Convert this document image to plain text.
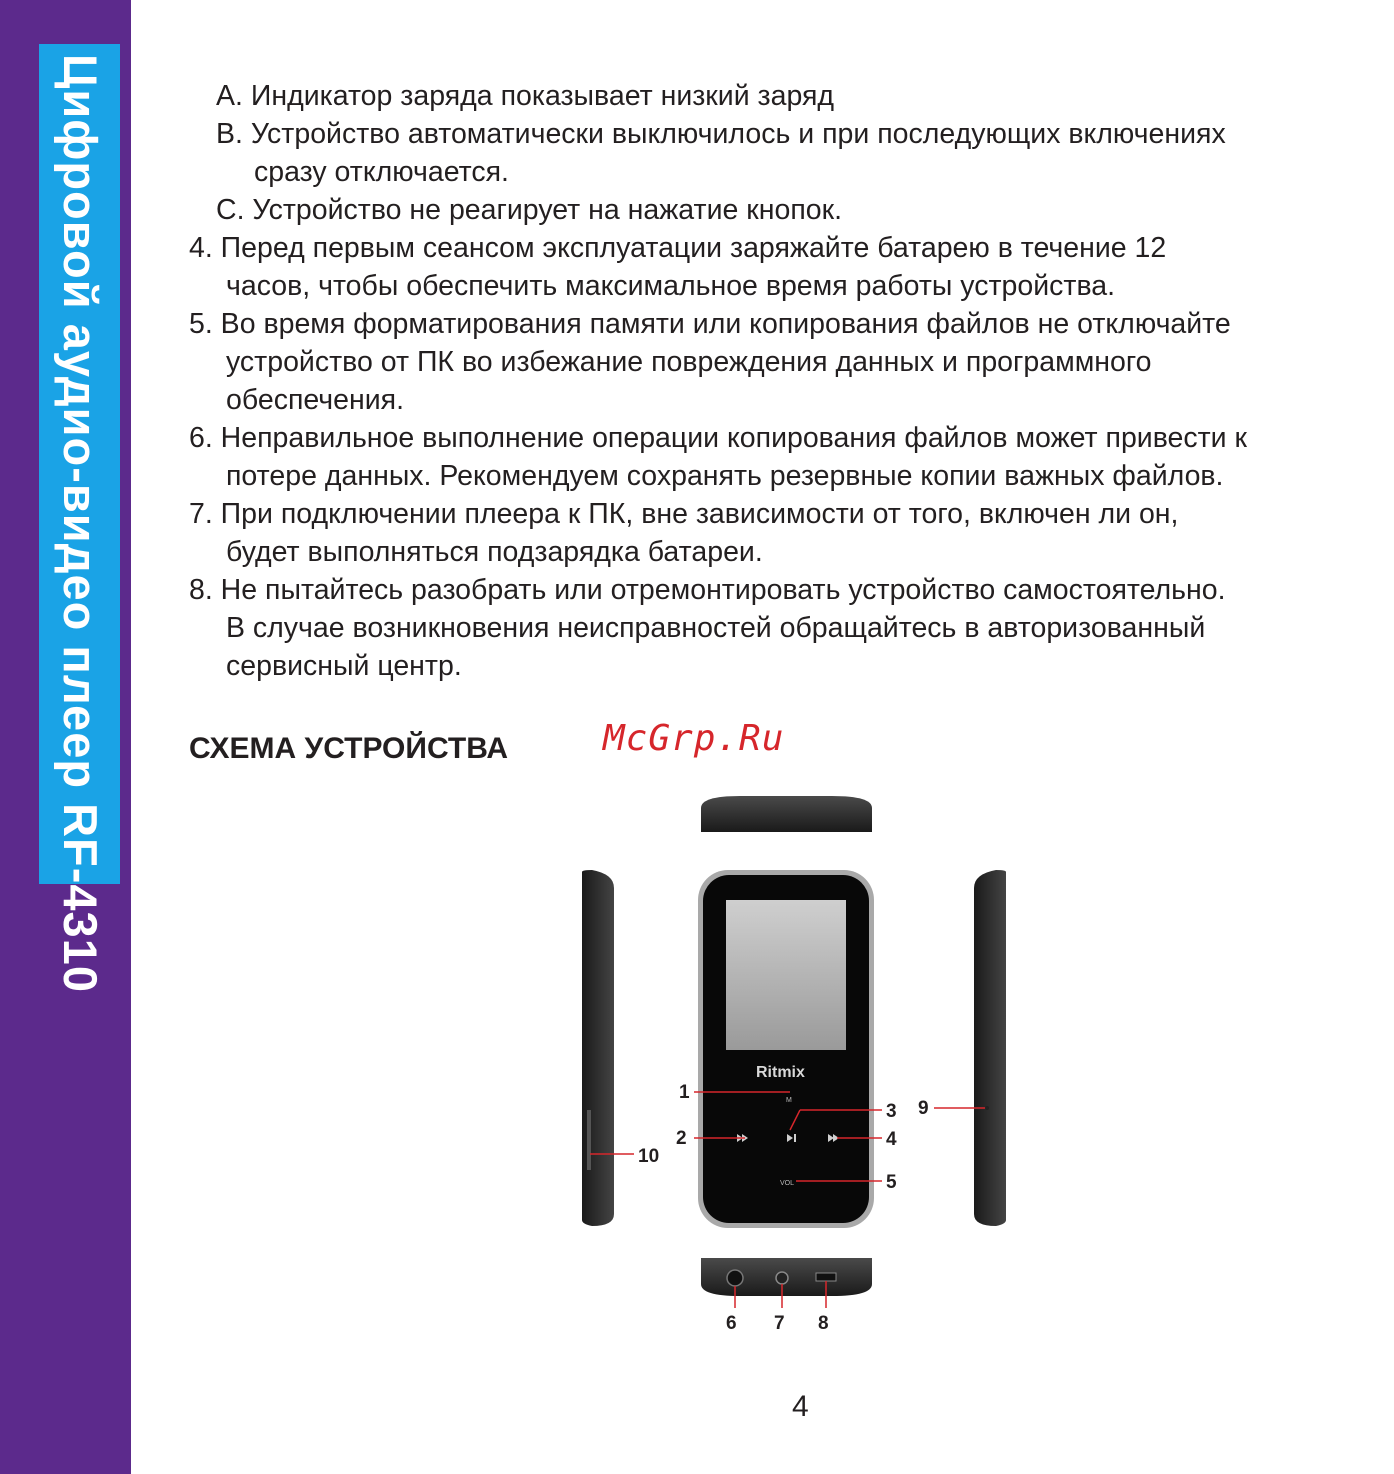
Цифровой аудио-видео плеер RF-4310	А. Индикатор заряда показывает низкий заряд
В. Устройство автоматически выключилось и при последующих включениях
сразу отключается.
С. Устройство не реагирует на нажатие кнопок.
4. Перед первым сеансом эксплуатации заряжайте батарею в течение 12
часов, чтобы обеспечить максимальное время работы устройства.
5. Во время форматирования памяти или копирования файлов не отключайте
устройство от ПК во избежание повреждения данных и программного
обеспечения.
6. Неправильное выполнение операции копирования файлов может привести к
потере данных. Рекомендуем сохранять резервные копии важных файлов.
7. При подключении плеера к ПК, вне зависимости от того, включен ли он,
будет выполняться подзарядка батареи.
8. Не пытайтесь разобрать или отремонтировать устройство самостоятельно.
В случае возникновения неисправностей обращайтесь в авторизованный
сервисный центр.
СХЕМА УСТРОЙСТВА	McGrp.Ru
Ritmix
M
VOL
1
2
3
4
5
6 7 8
9
10
4
